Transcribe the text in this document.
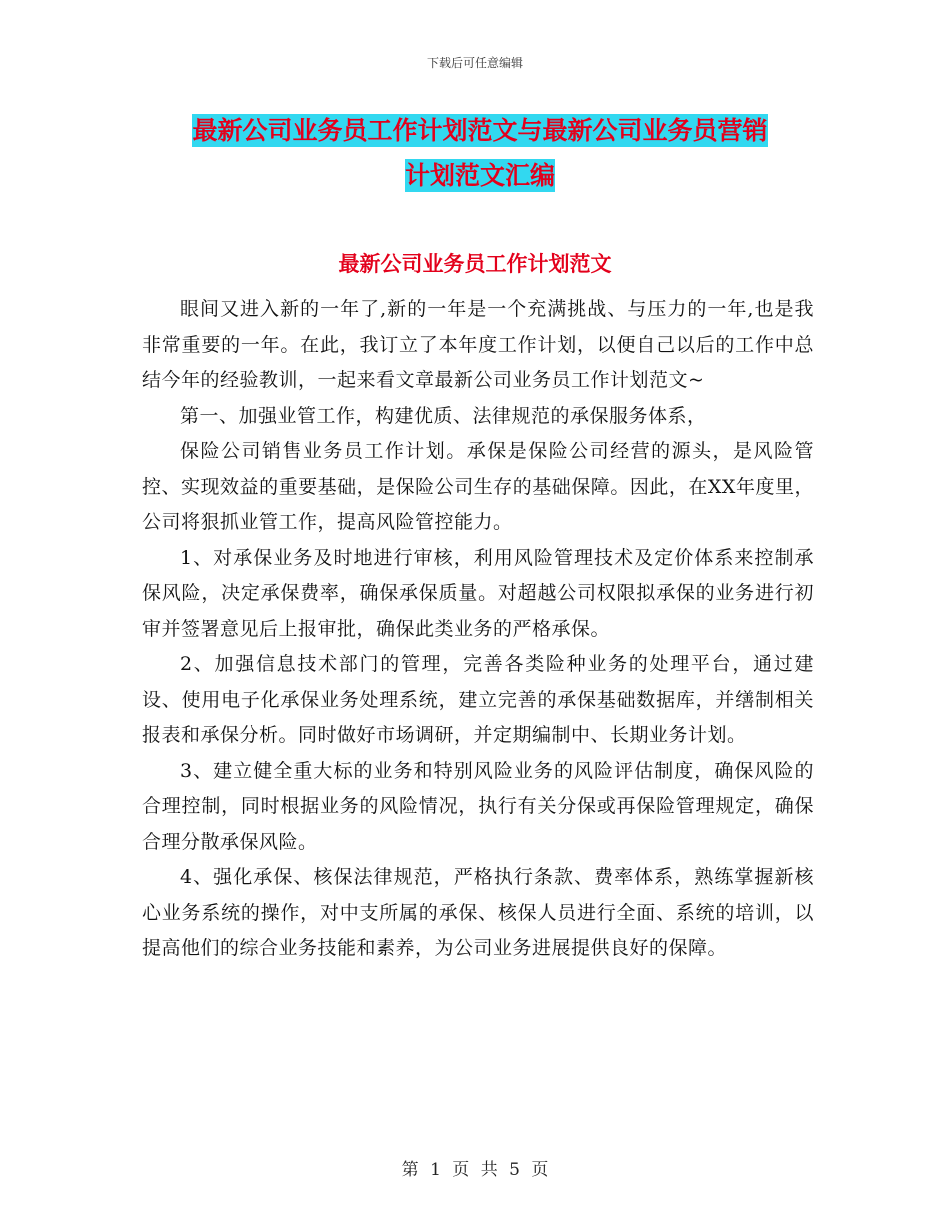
下载后可任意编辑
最新公司业务员工作计划范文与最新公司业务员营销
计划范文汇编
最新公司业务员工作计划范文

眼间又进入新的一年了,新的一年是一个充满挑战、与压力的一年,也是我非常重要的一年。在此，我订立了本年度工作计划，以便自己以后的工作中总结今年的经验教训，一起来看文章最新公司业务员工作计划范文~

第一、加强业管工作，构建优质、法律规范的承保服务体系，

保险公司销售业务员工作计划。承保是保险公司经营的源头，是风险管控、实现效益的重要基础，是保险公司生存的基础保障。因此，在XX年度里，公司将狠抓业管工作，提高风险管控能力。

1、对承保业务及时地进行审核，利用风险管理技术及定价体系来控制承保风险，决定承保费率，确保承保质量。对超越公司权限拟承保的业务进行初审并签署意见后上报审批，确保此类业务的严格承保。

2、加强信息技术部门的管理，完善各类险种业务的处理平台，通过建设、使用电子化承保业务处理系统，建立完善的承保基础数据库，并缮制相关报表和承保分析。同时做好市场调研，并定期编制中、长期业务计划。

3、建立健全重大标的业务和特别风险业务的风险评估制度，确保风险的合理控制，同时根据业务的风险情况，执行有关分保或再保险管理规定，确保合理分散承保风险。

4、强化承保、核保法律规范，严格执行条款、费率体系，熟练掌握新核心业务系统的操作，对中支所属的承保、核保人员进行全面、系统的培训，以提高他们的综合业务技能和素养，为公司业务进展提供良好的保障。

第 1 页 共 5 页
